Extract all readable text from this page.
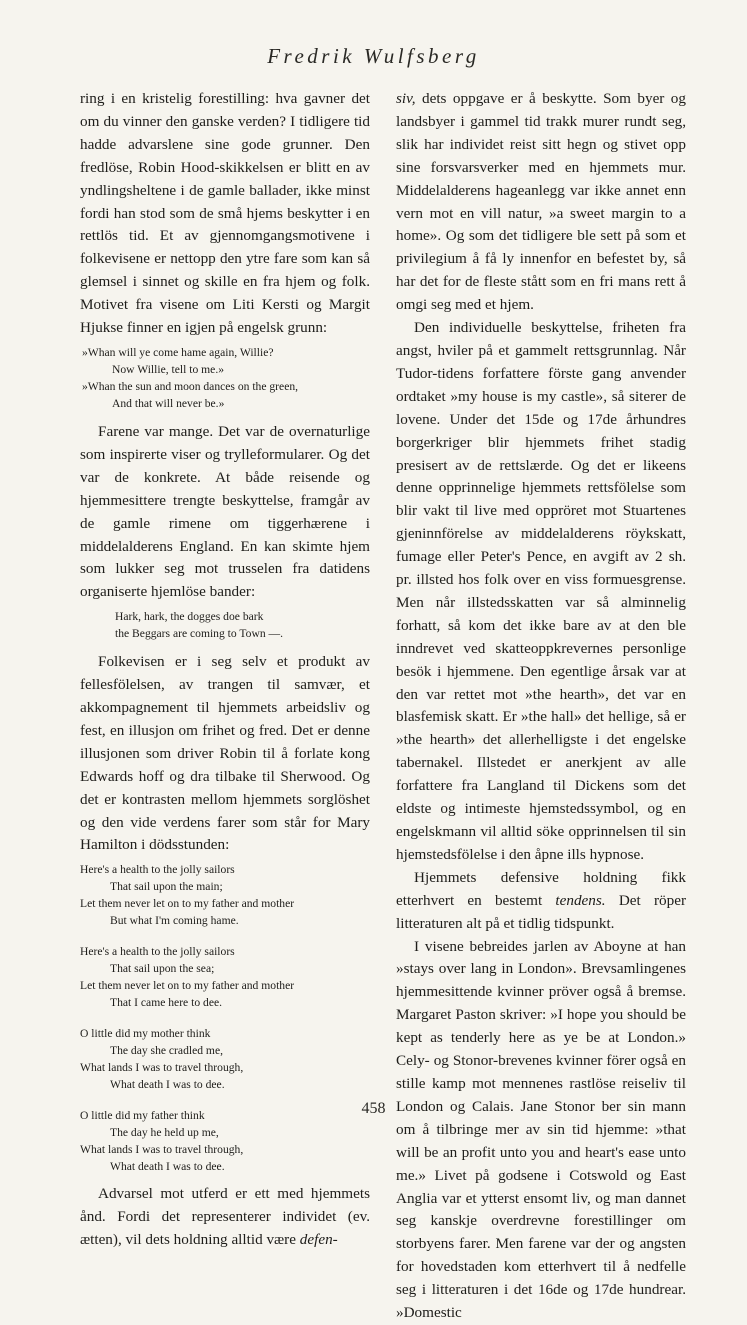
Fredrik Wulfsberg

ring i en kristelig forestilling: hva gavner det om du vinner den ganske verden? I tidligere tid hadde advarslene sine gode grunner. Den fredlöse, Robin Hood-skikkelsen er blitt en av yndlingsheltene i de gamle ballader, ikke minst fordi han stod som de små hjems beskytter i en rettlös tid. Et av gjennomgangsmotivene i folkevisene er nettopp den ytre fare som kan så glemsel i sinnet og skille en fra hjem og folk. Motivet fra visene om Liti Kersti og Margit Hjukse finner en igjen på engelsk grunn:

»Whan will ye come hame again, Willie?
Now Willie, tell to me.»
»Whan the sun and moon dances on the green,
And that will never be.»

Farene var mange. Det var de overnaturlige som inspirerte viser og trylleformularer. Og det var de konkrete. At både reisende og hjemmesittere trengte beskyttelse, framgår av de gamle rimene om tiggerhærene i middelalderens England. En kan skimte hjem som lukker seg mot trusselen fra datidens organiserte hjemlöse bander:

Hark, hark, the dogges doe bark
the Beggars are coming to Town —.

Folkevisen er i seg selv et produkt av fellesfölelsen, av trangen til samvær, et akkompagnement til hjemmets arbeidsliv og fest, en illusjon om frihet og fred. Det er denne illusjonen som driver Robin til å forlate kong Edwards hoff og dra tilbake til Sherwood. Og det er kontrasten mellom hjemmets sorglöshet og den vide verdens farer som står for Mary Hamilton i dödsstunden:

Here's a health to the jolly sailors
That sail upon the main;
Let them never let on to my father and mother
But what I'm coming hame.
Here's a health to the jolly sailors
That sail upon the sea;
Let them never let on to my father and mother
That I came here to dee.
O little did my mother think
The day she cradled me,
What lands I was to travel through,
What death I was to dee.
O little did my father think
The day he held up me,
What lands I was to travel through,
What death I was to dee.

Advarsel mot utferd er ett med hjemmets ånd. Fordi det representerer individet (ev. ætten), vil dets holdning alltid være defen-

siv, dets oppgave er å beskytte. Som byer og landsbyer i gammel tid trakk murer rundt seg, slik har individet reist sitt hegn og stivet opp sine forsvarsverker med en hjemmets mur. Middelalderens hageanlegg var ikke annet enn vern mot en vill natur, »a sweet margin to a home». Og som det tidligere ble sett på som et privilegium å få ly innenfor en befestet by, så har det for de fleste stått som en fri mans rett å omgi seg med et hjem.

Den individuelle beskyttelse, friheten fra angst, hviler på et gammelt rettsgrunnlag. Når Tudor-tidens forfattere förste gang anvender ordtaket »my house is my castle», så siterer de lovene. Under det 15de og 17de århundres borgerkriger blir hjemmets frihet stadig presisert av de rettslærde. Og det er likeens denne opprinnelige hjemmets rettsfölelse som blir vakt til live med oppröret mot Stuartenes gjeninnförelse av middelalderens röykskatt, fumage eller Peter's Pence, en avgift av 2 sh. pr. illsted hos folk over en viss formuesgrense. Men når illstedsskatten var så alminnelig forhatt, så kom det ikke bare av at den ble inndrevet ved skatteoppkrevernes personlige besök i hjemmene. Den egentlige årsak var at den var rettet mot »the hearth», det var en blasfemisk skatt. Er »the hall» det hellige, så er »the hearth» det allerhelligste i det engelske tabernakel. Illstedet er anerkjent av alle forfattere fra Langland til Dickens som det eldste og intimeste hjemstedssymbol, og en engelskmann vil alltid söke opprinnelsen til sin hjemstedsfölelse i den åpne ills hypnose.

Hjemmets defensive holdning fikk etterhvert en bestemt tendens. Det röper litteraturen alt på et tidlig tidspunkt.

I visene bebreides jarlen av Aboyne at han »stays over lang in London». Brevsamlingenes hjemmesittende kvinner pröver også å bremse. Margaret Paston skriver: »I hope you should be kept as tenderly here as ye be at London.» Cely- og Stonor-brevenes kvinner förer også en stille kamp mot mennenes rastlöse reiseliv til London og Calais. Jane Stonor ber sin mann om å tilbringe mer av sin tid hjemme: »that will be an profit unto you and heart's ease unto me.» Livet på godsene i Cotswold og East Anglia var et ytterst ensomt liv, og man dannet seg kanskje overdrevne forestillinger om storbyens farer. Men farene var der og angsten for hovedstaden kom etterhvert til å nedfelle seg i litteraturen i det 16de og 17de hundrear. »Domestic

458
